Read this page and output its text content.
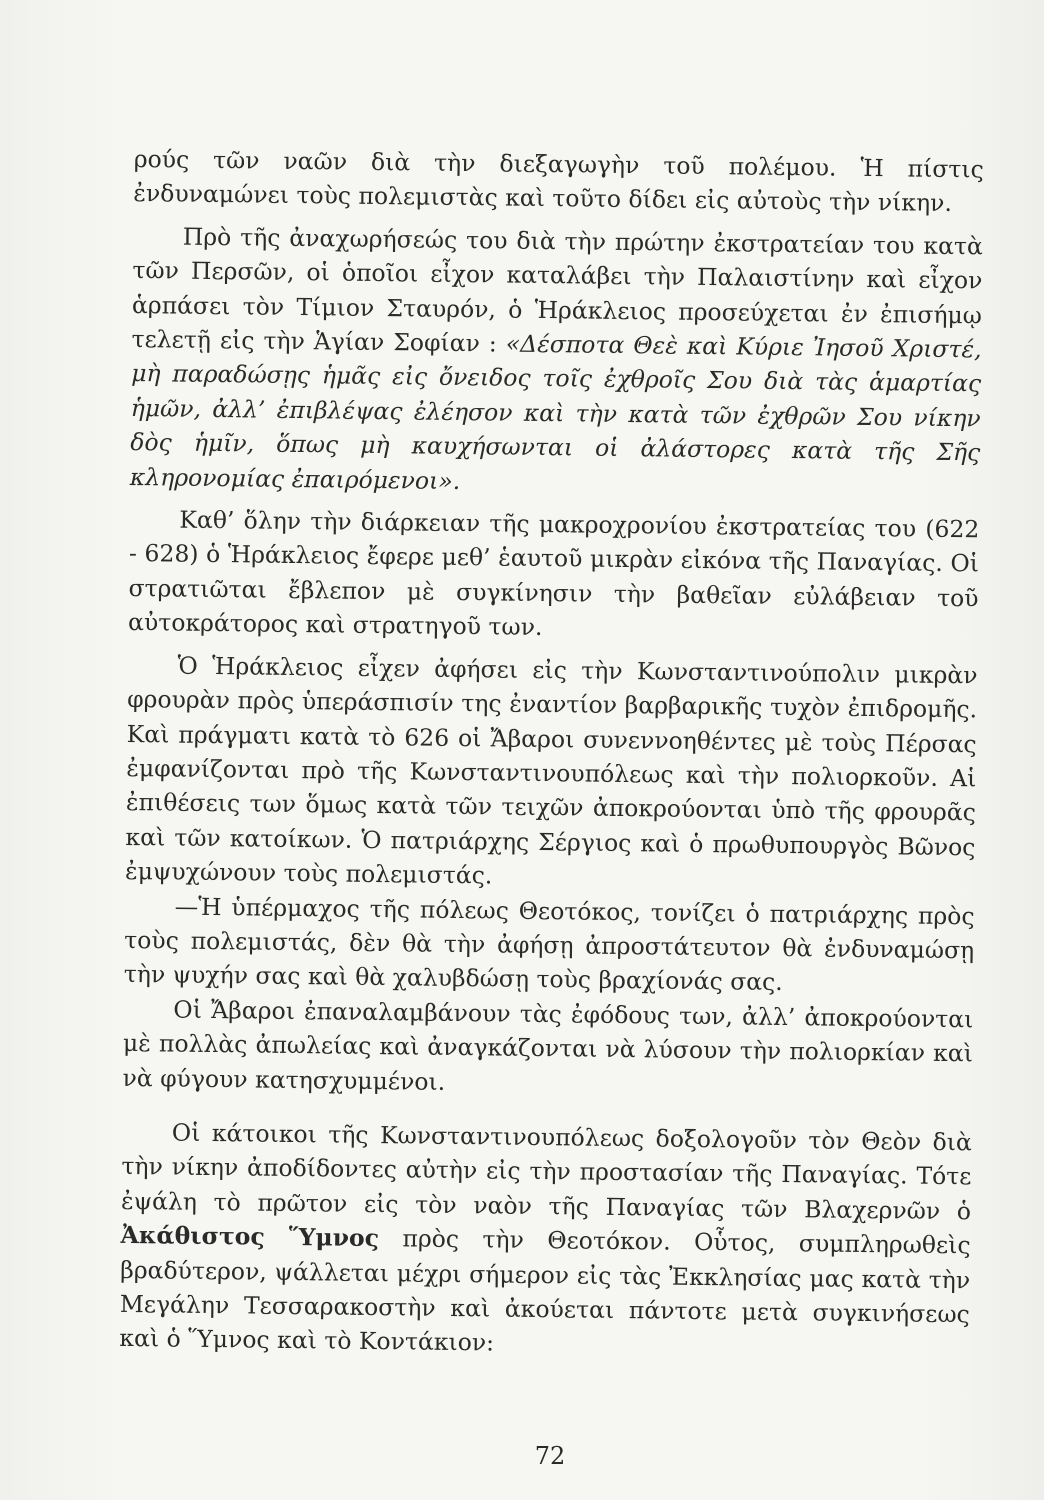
ρούς τῶν ναῶν διὰ τὴν διεξαγωγὴν τοῦ πολέμου. Ἡ πίστις ἐνδυναμώνει τοὺς πολεμιστὰς καὶ τοῦτο δίδει εἰς αὐτοὺς τὴν νίκην.

Πρὸ τῆς ἀναχωρήσεώς του διὰ τὴν πρώτην ἐκστρατείαν του κατὰ τῶν Περσῶν, οἱ ὁποῖοι εἶχον καταλάβει τὴν Παλαιστίνην καὶ εἶχον ἁρπάσει τὸν Τίμιον Σταυρόν, ὁ Ἡράκλειος προσεύχεται ἐν ἐπισήμῳ τελετῇ εἰς τὴν Ἁγίαν Σοφίαν : «Δέσποτα Θεὲ καὶ Κύριε Ἰησοῦ Χριστέ, μὴ παραδώσῃς ἡμᾶς εἰς ὄνειδος τοῖς ἐχθροῖς Σου διὰ τὰς ἁμαρτίας ἡμῶν, ἀλλ’ ἐπιβλέψας ἐλέησον καὶ τὴν κατὰ τῶν ἐχθρῶν Σου νίκην δὸς ἡμῖν, ὅπως μὴ καυχήσωνται οἱ ἀλάστορες κατὰ τῆς Σῆς κληρονομίας ἐπαιρόμενοι».

Καθ’ ὅλην τὴν διάρκειαν τῆς μακροχρονίου ἐκστρατείας του (622 - 628) ὁ Ἡράκλειος ἔφερε μεθ’ ἑαυτοῦ μικρὰν εἰκόνα τῆς Παναγίας. Οἱ στρατιῶται ἔβλεπον μὲ συγκίνησιν τὴν βαθεῖαν εὐλάβειαν τοῦ αὐτοκράτορος καὶ στρατηγοῦ των.

Ὁ Ἡράκλειος εἶχεν ἀφήσει εἰς τὴν Κωνσταντινούπολιν μικρὰν φρουρὰν πρὸς ὑπεράσπισίν της ἐναντίον βαρβαρικῆς τυχὸν ἐπιδρομῆς. Καὶ πράγματι κατὰ τὸ 626 οἱ Ἄβαροι συνεννοηθέντες μὲ τοὺς Πέρσας ἐμφανίζονται πρὸ τῆς Κωνσταντινουπόλεως καὶ τὴν πολιορκοῦν. Αἱ ἐπιθέσεις των ὅμως κατὰ τῶν τειχῶν ἀποκρούονται ὑπὸ τῆς φρουρᾶς καὶ τῶν κατοίκων. Ὁ πατριάρχης Σέργιος καὶ ὁ πρωθυπουργὸς Βῶνος ἐμψυχώνουν τοὺς πολεμιστάς.

—Ἡ ὑπέρμαχος τῆς πόλεως Θεοτόκος, τονίζει ὁ πατριάρχης πρὸς τοὺς πολεμιστάς, δὲν θὰ τὴν ἀφήσῃ ἀπροστάτευτον θὰ ἐνδυναμώσῃ τὴν ψυχήν σας καὶ θὰ χαλυβδώσῃ τοὺς βραχίονάς σας.

Οἱ Ἄβαροι ἐπαναλαμβάνουν τὰς ἐφόδους των, ἀλλ’ ἀποκρούονται μὲ πολλὰς ἀπωλείας καὶ ἀναγκάζονται νὰ λύσουν τὴν πολιορκίαν καὶ νὰ φύγουν κατησχυμμένοι.

Οἱ κάτοικοι τῆς Κωνσταντινουπόλεως δοξολογοῦν τὸν Θεὸν διὰ τὴν νίκην ἀποδίδοντες αὐτὴν εἰς τὴν προστασίαν τῆς Παναγίας. Τότε ἐψάλη τὸ πρῶτον εἰς τὸν ναὸν τῆς Παναγίας τῶν Βλαχερνῶν ὁ Ἀκάθιστος Ὕμνος πρὸς τὴν Θεοτόκον. Οὗτος, συμπληρωθεὶς βραδύτερον, ψάλλεται μέχρι σήμερον εἰς τὰς Ἐκκλησίας μας κατὰ τὴν Μεγάλην Τεσσαρακοστὴν καὶ ἀκούεται πάντοτε μετὰ συγκινήσεως καὶ ὁ Ὕμνος καὶ τὸ Κοντάκιον:

72
